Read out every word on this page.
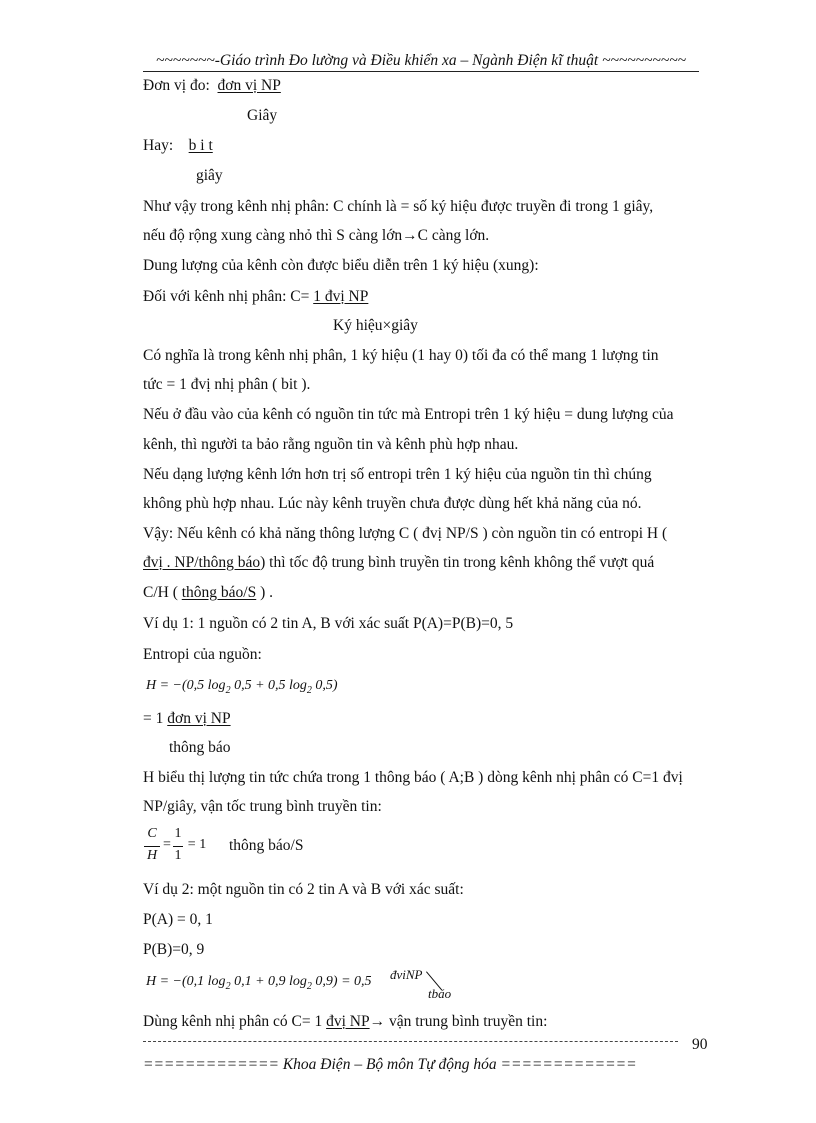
~~~~~~~-Giáo trình Đo lường và Điều khiển xa – Ngành Điện kĩ thuật ~~~~~~~~~~
Đơn vị đo: đơn vị NP
Giây
Hay: b i t
giây
Như vậy trong kênh nhị phân: C chính là = số ký hiệu được truyền đi trong 1 giây,
nếu độ rộng xung càng nhỏ thì S càng lớn→C càng lớn.
Dung lượng của kênh còn được biểu diễn trên 1 ký hiệu (xung):
Đối với kênh nhị phân: C= 1 đvị NP
Ký hiệu×giây
Có nghĩa là trong kênh nhị phân, 1 ký hiệu (1 hay 0) tối đa có thể mang 1 lượng tin
tức = 1 đvị nhị phân ( bit ).
Nếu ở đầu vào của kênh có nguồn tin tức mà Entropi trên 1 ký hiệu = dung lượng của
kênh, thì người ta bảo rằng nguồn tin và kênh phù hợp nhau.
Nếu dạng lượng kênh lớn hơn trị số entropi trên 1 ký hiệu của nguồn tin thì chúng
không phù hợp nhau. Lúc này kênh truyền chưa được dùng hết khả năng của nó.
Vậy: Nếu kênh có khả năng thông lượng C ( đvị NP/S ) còn nguồn tin có entropi H (
đvị . NP/thông báo) thì tốc độ trung bình truyền tin trong kênh không thể vượt quá
C/H ( thông báo/S ) .
Ví dụ 1: 1 nguồn có 2 tin A, B với xác suất P(A)=P(B)=0, 5
Entropi của nguồn:
H = −(0,5 $\log_2 0,5 + 0,5$ $\log_2 0,5$)
= 1 đơn vị NP
thông báo
H biểu thị lượng tin tức chứa trong 1 thông báo ( A;B ) dòng kênh nhị phân có C=1 đvị
NP/giây, vận tốc trung bình truyền tin:
C
H
=
1
1
= 1 thông báo/S
Ví dụ 2: một nguồn tin có 2 tin A và B với xác suất:
P(A) = 0, 1
P(B)=0, 9
H = −(0,1 $\log_2 0,1 + 0,9$ $\log_2 0,9) = 0,5$ đviNP
tbáo
Dùng kênh nhị phân có C= 1 đvị NP→ vận trung bình truyền tin:
90
============= Khoa Điện – Bộ môn Tự động hóa =============
